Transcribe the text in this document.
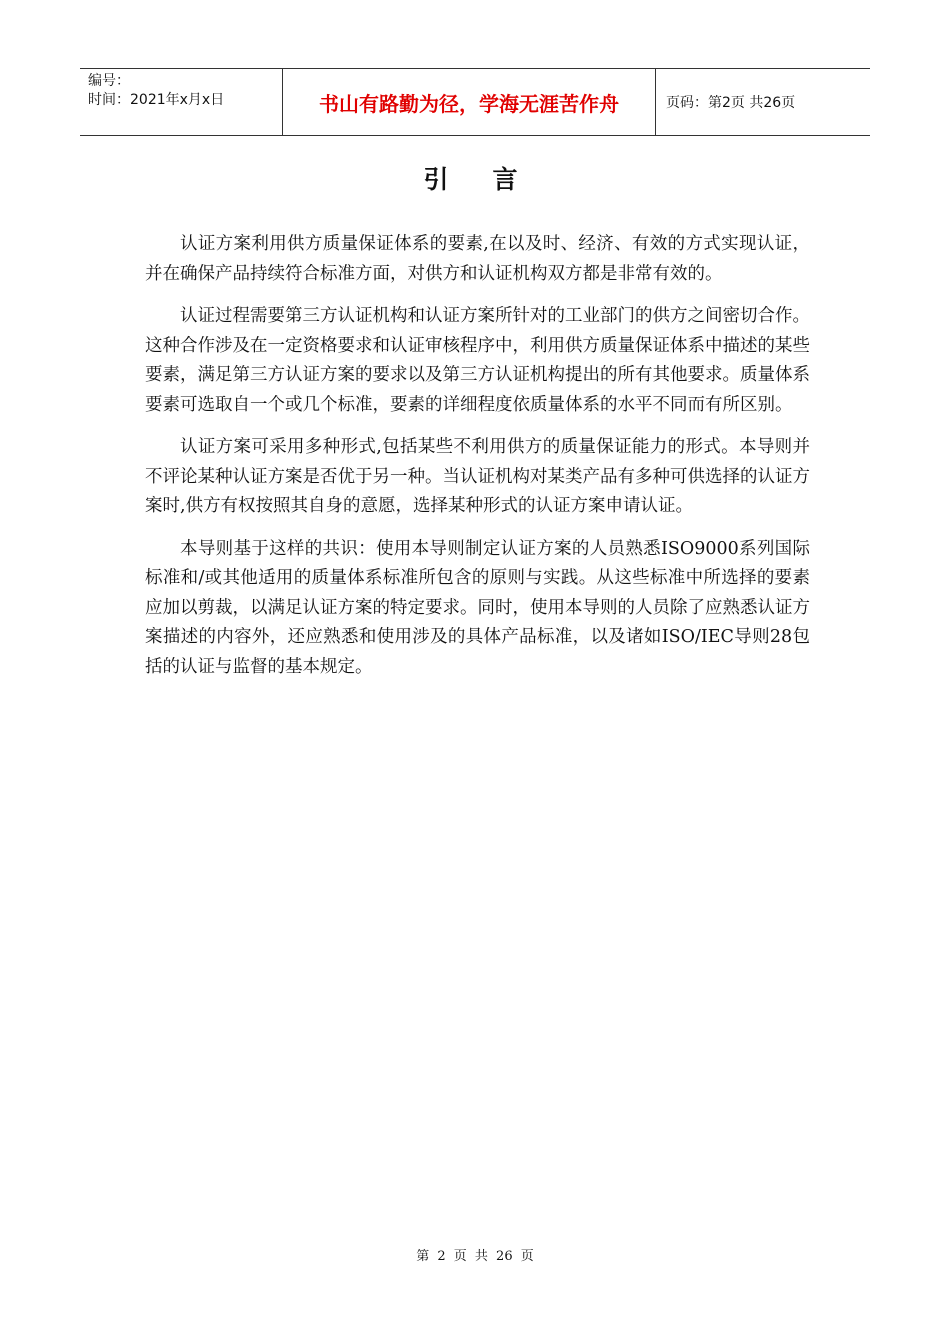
编号：
时间：2021年x月x日	书山有路勤为径，学海无涯苦作舟	页码：第2页 共26页
引言

认证方案利用供方质量保证体系的要素,在以及时、经济、有效的方式实现认证，并在确保产品持续符合标准方面，对供方和认证机构双方都是非常有效的。

认证过程需要第三方认证机构和认证方案所针对的工业部门的供方之间密切合作。这种合作涉及在一定资格要求和认证审核程序中，利用供方质量保证体系中描述的某些要素，满足第三方认证方案的要求以及第三方认证机构提出的所有其他要求。质量体系要素可选取自一个或几个标准，要素的详细程度依质量体系的水平不同而有所区别。

认证方案可采用多种形式,包括某些不利用供方的质量保证能力的形式。本导则并不评论某种认证方案是否优于另一种。当认证机构对某类产品有多种可供选择的认证方案时,供方有权按照其自身的意愿，选择某种形式的认证方案申请认证。

本导则基于这样的共识：使用本导则制定认证方案的人员熟悉ISO9000系列国际标准和/或其他适用的质量体系标准所包含的原则与实践。从这些标准中所选择的要素应加以剪裁，以满足认证方案的特定要求。同时，使用本导则的人员除了应熟悉认证方案描述的内容外，还应熟悉和使用涉及的具体产品标准，以及诸如ISO/IEC导则28包括的认证与监督的基本规定。

第 2 页 共 26 页
